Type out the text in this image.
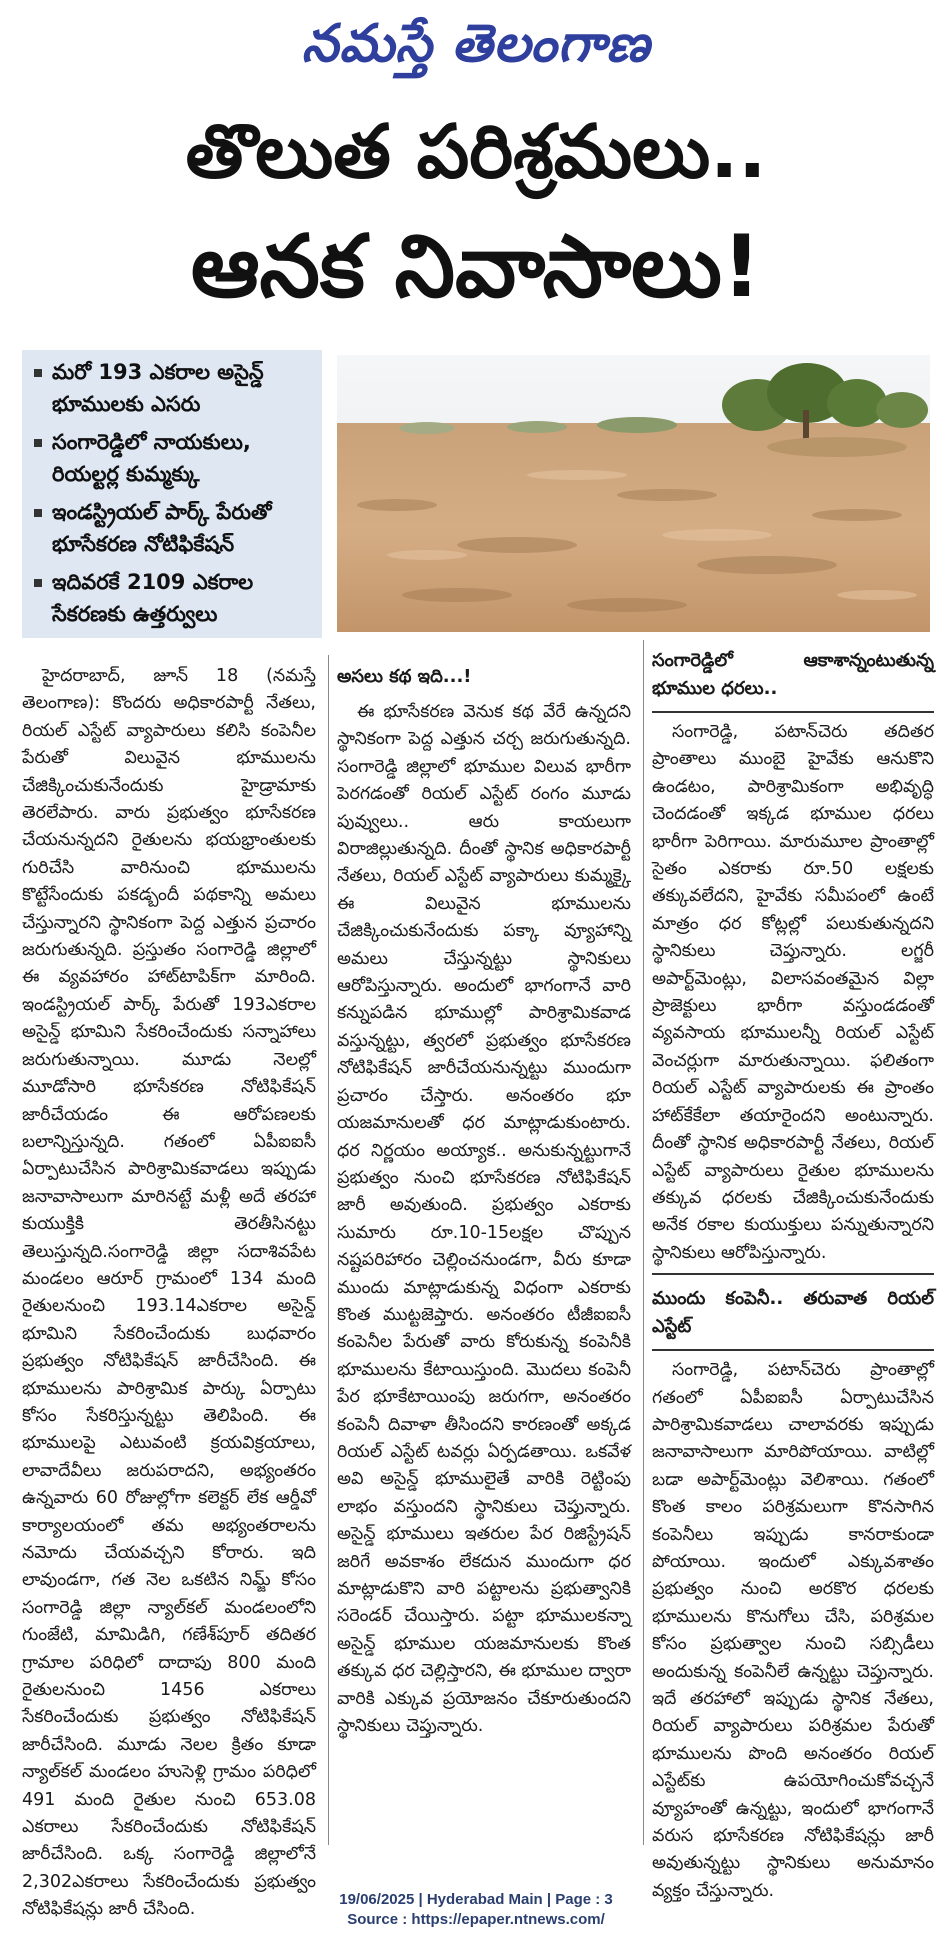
నమస్తే తెలంగాణ
తొలుత పరిశ్రమలు..
ఆనక నివాసాలు!
మరో 193 ఎకరాల అసైన్డ్ భూములకు ఎసరు
సంగారెడ్డిలో నాయకులు, రియల్టర్ల కుమ్మక్కు
ఇండస్ట్రియల్ పార్క్ పేరుతో భూసేకరణ నోటిఫికేషన్
ఇదివరకే 2109 ఎకరాల సేకరణకు ఉత్తర్వులు

హైదరాబాద్, జూన్ 18 (నమస్తే తెలంగాణ): కొందరు అధికారపార్టీ నేతలు, రియల్ ఎస్టేట్ వ్యాపారులు కలిసి కంపెనీల పేరుతో విలువైన భూములను చేజిక్కించుకునేందుకు హైడ్రామాకు తెరలేపారు. వారు ప్రభుత్వం భూసేకరణ చేయనున్నదని రైతులను భయభ్రాంతులకు గురిచేసి వారినుంచి భూములను కొట్టేసేందుకు పకడ్బందీ పథకాన్ని అమలు చేస్తున్నారని స్థానికంగా పెద్ద ఎత్తున ప్రచారం జరుగుతున్నది. ప్రస్తుతం సంగారెడ్డి జిల్లాలో ఈ వ్యవహారం హాట్‌టాపిక్‌గా మారింది. ఇండస్ట్రియల్ పార్క్ పేరుతో 193ఎకరాల అసైన్డ్ భూమిని సేకరించేందుకు సన్నాహాలు జరుగుతున్నాయి. మూడు నెలల్లో మూడోసారి భూసేకరణ నోటిఫికేషన్ జారీచేయడం ఈ ఆరోపణలకు బలాన్నిస్తున్నది. గతంలో ఏపీఐఐసీ ఏర్పాటుచేసిన పారిశ్రామికవాడలు ఇప్పుడు జనావాసాలుగా మారినట్టే మళ్లీ అదే తరహా కుయుక్తికి తెరతీసినట్టు తెలుస్తున్నది.సంగారెడ్డి జిల్లా సదాశివపేట మండలం ఆరూర్ గ్రామంలో 134 మంది రైతులనుంచి 193.14ఎకరాల అసైన్డ్ భూమిని సేకరించేందుకు బుధవారం ప్రభుత్వం నోటిఫికేషన్ జారీచేసింది. ఈ భూములను పారిశ్రామిక పార్కు ఏర్పాటు కోసం సేకరిస్తున్నట్టు తెలిపింది. ఈ భూములపై ఎటువంటి క్రయవిక్రయాలు, లావాదేవీలు జరుపరాదని, అభ్యంతరం ఉన్నవారు 60 రోజుల్లోగా కలెక్టర్ లేక ఆర్డీవో కార్యాలయంలో తమ అభ్యంతరాలను నమోదు చేయవచ్చని కోరారు. ఇది లావుండగా, గత నెల ఒకటిన నిమ్జ్ కోసం సంగారెడ్డి జిల్లా న్యాల్‌కల్ మండలంలోని గుంజేటి, మామిడిగి, గణేశ్‌పూర్ తదితర గ్రామాల పరిధిలో దాదాపు 800 మంది రైతులనుంచి 1456 ఎకరాలు సేకరించేందుకు ప్రభుత్వం నోటిఫికేషన్ జారీచేసింది. మూడు నెలల క్రితం కూడా న్యాల్‌కల్ మండలం హుసెళ్లి గ్రామం పరిధిలో 491 మంది రైతుల నుంచి 653.08 ఎకరాలు సేకరించేందుకు నోటిఫికేషన్ జారీచేసింది. ఒక్క సంగారెడ్డి జిల్లాలోనే 2,302ఎకరాలు సేకరించేందుకు ప్రభుత్వం నోటిఫికేషన్లు జారీ చేసింది.

అసలు కథ ఇది...!

ఈ భూసేకరణ వెనుక కథ వేరే ఉన్నదని స్థానికంగా పెద్ద ఎత్తున చర్చ జరుగుతున్నది. సంగారెడ్డి జిల్లాలో భూముల విలువ భారీగా పెరగడంతో రియల్ ఎస్టేట్ రంగం మూడు పువ్వులు.. ఆరు కాయలుగా విరాజిల్లుతున్నది. దీంతో స్థానిక అధికారపార్టీ నేతలు, రియల్ ఎస్టేట్ వ్యాపారులు కుమ్మక్కై ఈ విలువైన భూములను చేజిక్కించుకునేందుకు పక్కా వ్యూహాన్ని అమలు చేస్తున్నట్టు స్థానికులు ఆరోపిస్తున్నారు. అందులో భాగంగానే వారి కన్నుపడిన భూముల్లో పారిశ్రామికవాడ వస్తున్నట్టు, త్వరలో ప్రభుత్వం భూసేకరణ నోటిఫికేషన్ జారీచేయనున్నట్టు ముందుగా ప్రచారం చేస్తారు. అనంతరం భూ యజమానులతో ధర మాట్లాడుకుంటారు. ధర నిర్ణయం అయ్యాక.. అనుకున్నట్టుగానే ప్రభుత్వం నుంచి భూసేకరణ నోటిఫికేషన్ జారీ అవుతుంది. ప్రభుత్వం ఎకరాకు సుమారు రూ.10-15లక్షల చొప్పున నష్టపరిహారం చెల్లించనుండగా, వీరు కూడా ముందు మాట్లాడుకున్న విధంగా ఎకరాకు కొంత ముట్టజెప్తారు. అనంతరం టీజీఐఐసీ కంపెనీల పేరుతో వారు కోరుకున్న కంపెనీకి భూములను కేటాయిస్తుంది. మొదలు కంపెనీ పేర భూకేటాయింపు జరుగగా, అనంతరం కంపెనీ దివాళా తీసిందని కారణంతో అక్కడ రియల్ ఎస్టేట్ టవర్లు ఏర్పడతాయి. ఒకవేళ అవి అసైన్డ్ భూములైతే వారికి రెట్టింపు లాభం వస్తుందని స్థానికులు చెప్తున్నారు. అసైన్డ్ భూములు ఇతరుల పేర రిజిస్ట్రేషన్ జరిగే అవకాశం లేకదున ముందుగా ధర మాట్లాడుకొని వారి పట్టాలను ప్రభుత్వానికి సరెండర్ చేయిస్తారు. పట్టా భూములకన్నా అసైన్డ్ భూముల యజమానులకు కొంత తక్కువ ధర చెల్లిస్తారని, ఈ భూముల ద్వారా వారికి ఎక్కువ ప్రయోజనం చేకూరుతుందని స్థానికులు చెప్తున్నారు.

సంగారెడ్డిలో ఆకాశాన్నంటుతున్న భూముల ధరలు..

సంగారెడ్డి, పటాన్‌చెరు తదితర ప్రాంతాలు ముంబై హైవేకు ఆనుకొని ఉండటం, పారిశ్రామికంగా అభివృద్ధి చెందడంతో ఇక్కడ భూముల ధరలు భారీగా పెరిగాయి. మారుమూల ప్రాంతాల్లో సైతం ఎకరాకు రూ.50 లక్షలకు తక్కువలేదని, హైవేకు సమీపంలో ఉంటే మాత్రం ధర కోట్లల్లో పలుకుతున్నదని స్థానికులు చెప్తున్నారు. లగ్జరీ అపార్ట్‌మెంట్లు, విలాసవంతమైన విల్లా ప్రాజెక్టులు భారీగా వస్తుండడంతో వ్యవసాయ భూములన్నీ రియల్ ఎస్టేట్ వెంచర్లుగా మారుతున్నాయి. ఫలితంగా రియల్ ఎస్టేట్ వ్యాపారులకు ఈ ప్రాంతం హాట్‌కేకేలా తయారైందని అంటున్నారు. దీంతో స్థానిక అధికారపార్టీ నేతలు, రియల్ ఎస్టేట్ వ్యాపారులు రైతుల భూములను తక్కువ ధరలకు చేజిక్కించుకునేందుకు అనేక రకాల కుయుక్తులు పన్నుతున్నారని స్థానికులు ఆరోపిస్తున్నారు.

ముందు కంపెనీ.. తరువాత రియల్ ఎస్టేట్

సంగారెడ్డి, పటాన్‌చెరు ప్రాంతాల్లో గతంలో ఏపీఐఐసీ ఏర్పాటుచేసిన పారిశ్రామికవాడలు చాలావరకు ఇప్పుడు జనావాసాలుగా మారిపోయాయి. వాటిల్లో బడా అపార్ట్‌మెంట్లు వెలిశాయి. గతంలో కొంత కాలం పరిశ్రమలుగా కొనసాగిన కంపెనీలు ఇప్పుడు కానరాకుండా పోయాయి. ఇందులో ఎక్కువశాతం ప్రభుత్వం నుంచి అరకొర ధరలకు భూములను కొనుగోలు చేసి, పరిశ్రమల కోసం ప్రభుత్వాల నుంచి సబ్సిడీలు అందుకున్న కంపెనీలే ఉన్నట్టు చెప్తున్నారు. ఇదే తరహాలో ఇప్పుడు స్థానిక నేతలు, రియల్ వ్యాపారులు పరిశ్రమల పేరుతో భూములను పొంది అనంతరం రియల్ ఎస్టేట్‌కు ఉపయోగించుకోవచ్చనే వ్యూహంతో ఉన్నట్టు, ఇందులో భాగంగానే వరుస భూసేకరణ నోటిఫికేషన్లు జారీ అవుతున్నట్టు స్థానికులు అనుమానం వ్యక్తం చేస్తున్నారు.

19/06/2025 | Hyderabad Main | Page : 3
Source : https://epaper.ntnews.com/
